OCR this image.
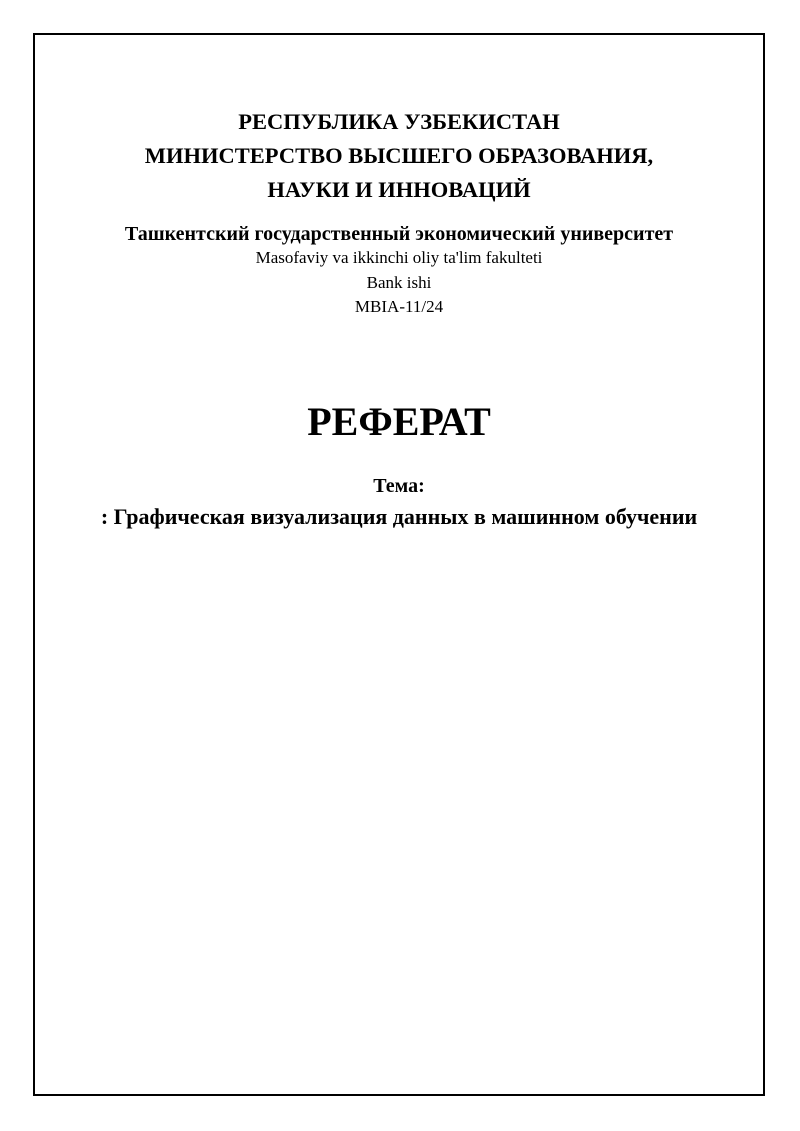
РЕСПУБЛИКА УЗБЕКИСТАН
МИНИСТЕРСТВО ВЫСШЕГО ОБРАЗОВАНИЯ,
НАУКИ И ИННОВАЦИЙ
Ташкентский государственный экономический университет
Masofaviy va ikkinchi oliy ta'lim fakulteti
Bank ishi
MBIA-11/24
РЕФЕРАТ
Тема:
: Графическая визуализация данных в машинном обучении
